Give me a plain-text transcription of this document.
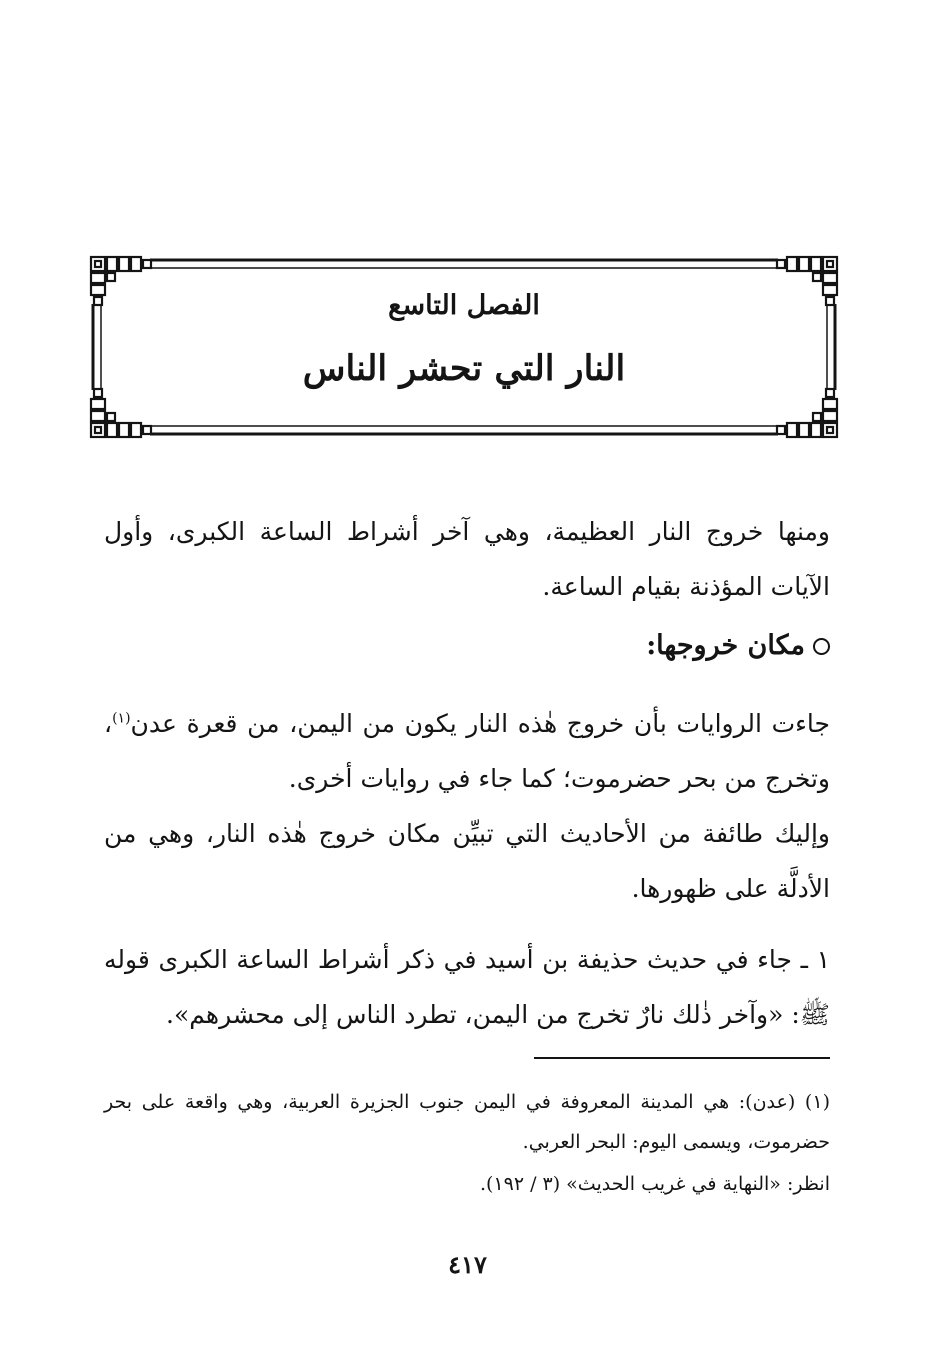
الفصل التاسع
النار التي تحشر الناس

ومنها خروج النار العظيمة، وهي آخر أشراط الساعة الكبرى، وأول الآيات المؤذنة بقيام الساعة.

مكان خروجها:

جاءت الروايات بأن خروج هٰذه النار يكون من اليمن، من قعرة عدن$^{(١)}$، وتخرج من بحر حضرموت؛ كما جاء في روايات أخرى.

وإليك طائفة من الأحاديث التي تبيِّن مكان خروج هٰذه النار، وهي من الأدلَّة على ظهورها.

١ ـ جاء في حديث حذيفة بن أسيد في ذكر أشراط الساعة الكبرى قوله ﷺ: «وآخر ذٰلك نارٌ تخرج من اليمن، تطرد الناس إلى محشرهم».

(١) (عدن): هي المدينة المعروفة في اليمن جنوب الجزيرة العربية، وهي واقعة على بحر حضرموت، ويسمى اليوم: البحر العربي.

انظر: «النهاية في غريب الحديث» (٣ / ١٩٢).

٤١٧
